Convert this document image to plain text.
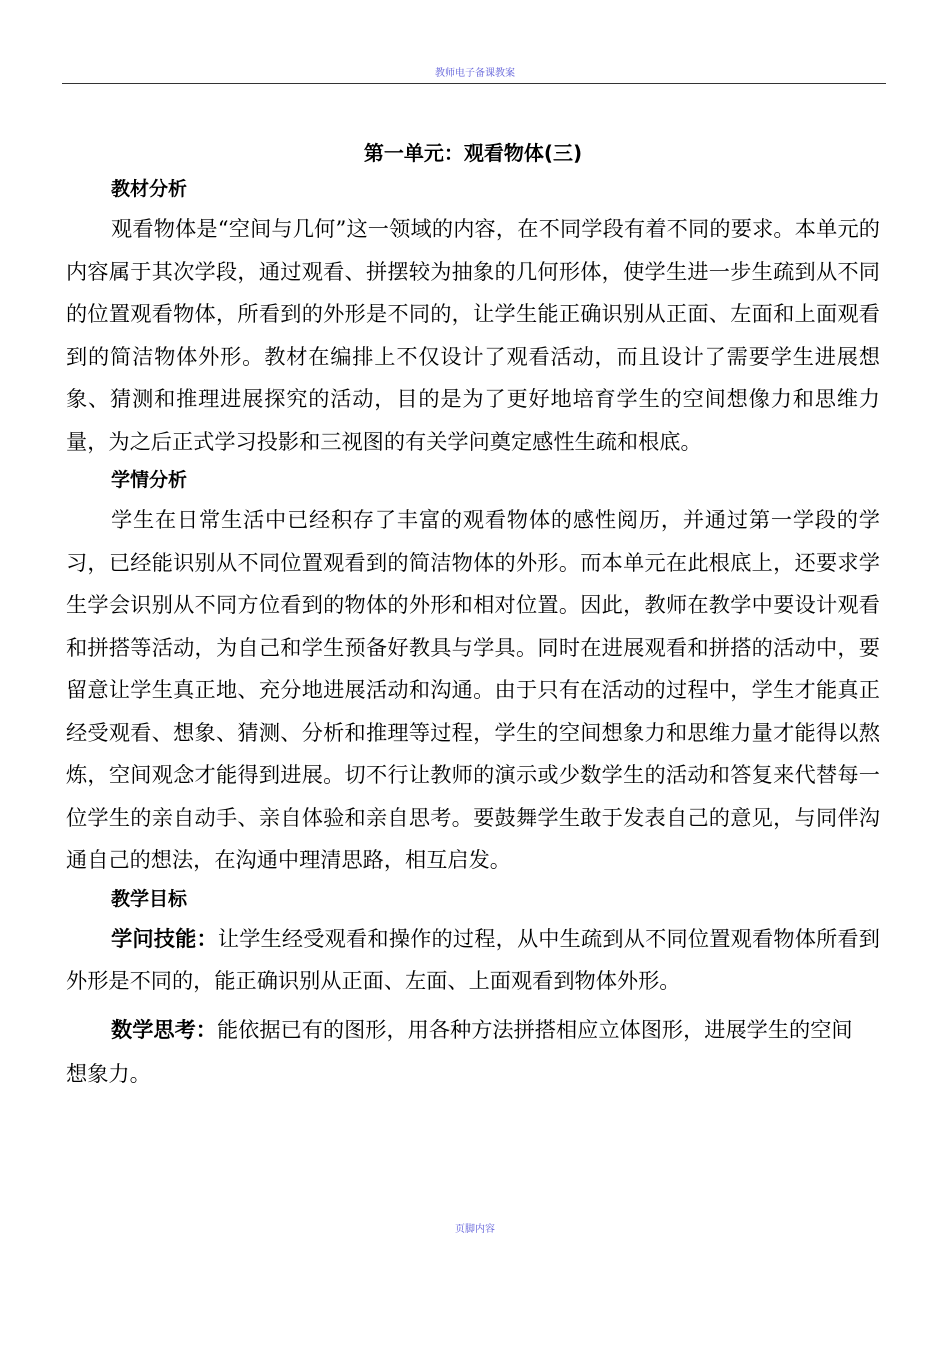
教师电子备课教案
第一单元：观看物体(三)
教材分析

观看物体是“空间与几何”这一领域的内容，在不同学段有着不同的要求。本单元的内容属于其次学段，通过观看、拼摆较为抽象的几何形体，使学生进一步生疏到从不同的位置观看物体，所看到的外形是不同的，让学生能正确识别从正面、左面和上面观看到的简洁物体外形。教材在编排上不仅设计了观看活动，而且设计了需要学生进展想象、猜测和推理进展探究的活动，目的是为了更好地培育学生的空间想像力和思维力量，为之后正式学习投影和三视图的有关学问奠定感性生疏和根底。

学情分析

学生在日常生活中已经积存了丰富的观看物体的感性阅历，并通过第一学段的学习，已经能识别从不同位置观看到的简洁物体的外形。而本单元在此根底上，还要求学生学会识别从不同方位看到的物体的外形和相对位置。因此，教师在教学中要设计观看和拼搭等活动，为自己和学生预备好教具与学具。同时在进展观看和拼搭的活动中，要留意让学生真正地、充分地进展活动和沟通。由于只有在活动的过程中，学生才能真正经受观看、想象、猜测、分析和推理等过程，学生的空间想象力和思维力量才能得以熬炼，空间观念才能得到进展。切不行让教师的演示或少数学生的活动和答复来代替每一位学生的亲自动手、亲自体验和亲自思考。要鼓舞学生敢于发表自己的意见，与同伴沟通自己的想法，在沟通中理清思路，相互启发。

教学目标

学问技能：让学生经受观看和操作的过程，从中生疏到从不同位置观看物体所看到外形是不同的，能正确识别从正面、左面、上面观看到物体外形。

数学思考：能依据已有的图形，用各种方法拼搭相应立体图形，进展学生的空间

想象力。

页脚内容
